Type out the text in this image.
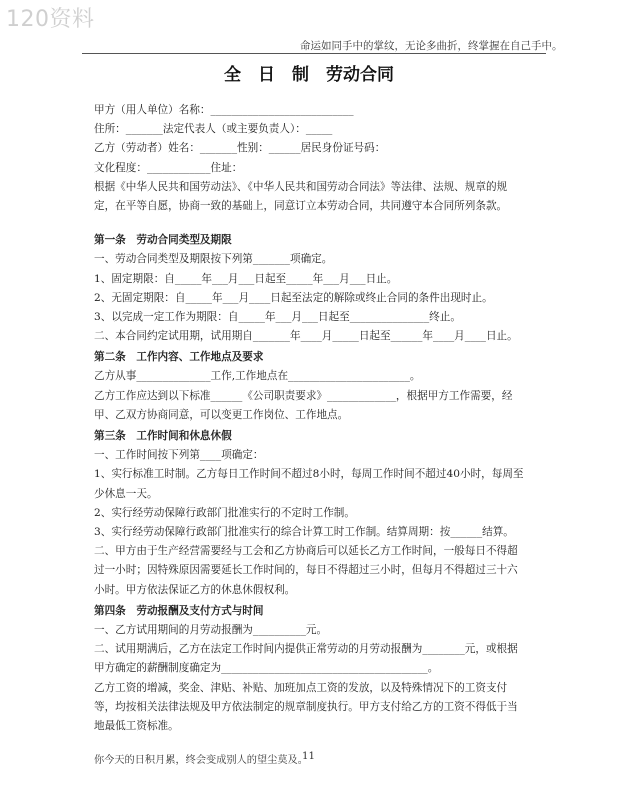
120资料
命运如同手中的掌纹，无论多曲折，终掌握在自己手中。
全　日　制　劳动合同
甲方（用人单位）名称：___________________________
住所：_______法定代表人（或主要负责人）：_____
乙方（劳动者）姓名：_______性别：______居民身份证号码：
文化程度：____________住址：
根据《中华人民共和国劳动法》、《中华人民共和国劳动合同法》等法律、法规、规章的规定，在平等自愿，协商一致的基础上，同意订立本劳动合同，共同遵守本合同所列条款。
第一条　劳动合同类型及期限
一、劳动合同类型及期限按下列第_______项确定。
1、固定期限：自_____年___月___日起至_____年___月___日止。
2、无固定期限：自_____年___月____日起至法定的解除或终止合同的条件出现时止。
3、以完成一定工作为期限：自_____年___月___日起至_______________终止。
二、本合同约定试用期，试用期自_______年____月_____日起至______年____月____日止。
第二条　工作内容、工作地点及要求
乙方从事______________工作,工作地点在_______________________。
乙方工作应达到以下标准______《公司职责要求》_____________，根据甲方工作需要，经甲、乙双方协商同意，可以变更工作岗位、工作地点。
第三条　工作时间和休息休假
一、工作时间按下列第____项确定：
1、实行标准工时制。乙方每日工作时间不超过8小时，每周工作时间不超过40小时，每周至少休息一天。
2、实行经劳动保障行政部门批准实行的不定时工作制。
3、实行经劳动保障行政部门批准实行的综合计算工时工作制。结算周期：按______结算。
二、甲方由于生产经营需要经与工会和乙方协商后可以延长乙方工作时间，一般每日不得超过一小时；因特殊原因需要延长工作时间的，每日不得超过三小时，但每月不得超过三十六小时。甲方依法保证乙方的休息休假权利。
第四条　劳动报酬及支付方式与时间
一、乙方试用期间的月劳动报酬为__________元。
二、试用期满后，乙方在法定工作时间内提供正常劳动的月劳动报酬为________元，或根据甲方确定的薪酬制度确定为_______________________________________。
乙方工资的增减，奖金、津贴、补贴、加班加点工资的发放，以及特殊情况下的工资支付等，均按相关法律法规及甲方依法制定的规章制度执行。甲方支付给乙方的工资不得低于当地最低工资标准。
你今天的日积月累，终会变成别人的望尘莫及。
11
